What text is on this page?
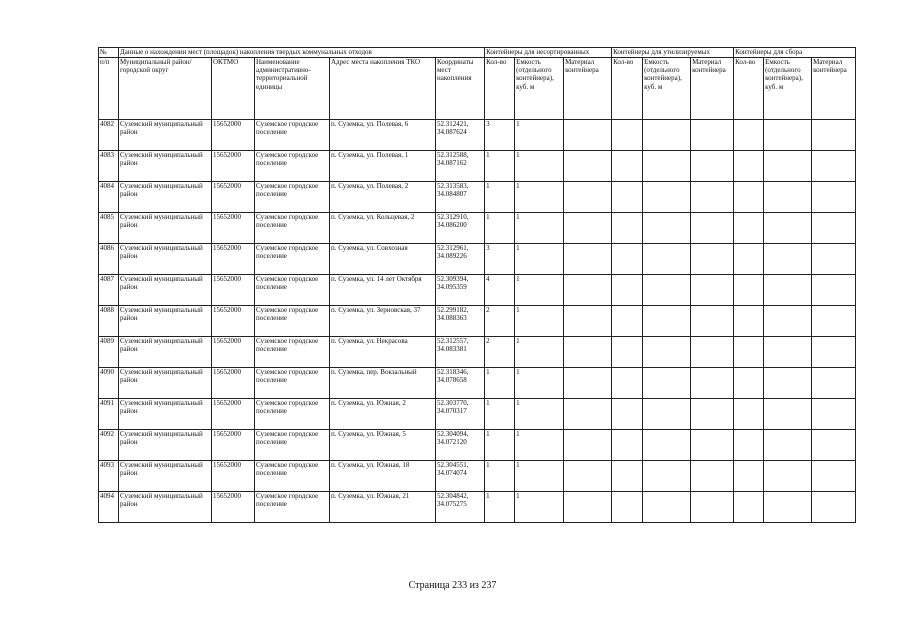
№	Данные о нахождении мест (площадок) накопления твердых коммунальных отходов					Контейнеры для несортированных			Контейнеры для утилизируемых			Контейнеры для сбора		
п/п	Муниципальный район/городской округ	ОКТМО	Наименование административно-территориальной единицы	Адрес места накопления ТКО	Координаты мест накопления	Кол-во	Емкость (отдельного контейнера), куб. м	Материал контейнера	Кол-во	Емкость (отдельного контейнера), куб. м	Материал контейнера	Кол-во	Емкость (отдельного контейнера), куб. м	Материал контейнера
4082	Суземский муниципальный район	15652000	Суземское городское поселение	п. Суземка, ул. Полевая, 6	52.312421, 34.087624	3	1							
4083	Суземский муниципальный район	15652000	Суземское городское поселение	п. Суземка, ул. Полевая, 1	52.312588, 34.087162	1	1							
4084	Суземский муниципальный район	15652000	Суземское городское поселение	п. Суземка, ул. Полевая, 2	52.313583, 34.084807	1	1							
4085	Суземский муниципальный район	15652000	Суземское городское поселение	п. Суземка, ул. Кольцевая, 2	52.312910, 34.086200	1	1							
4086	Суземский муниципальный район	15652000	Суземское городское поселение	п. Суземка, ул. Совхозная	52.312961, 34.089226	3	1							
4087	Суземский муниципальный район	15652000	Суземское городское поселение	п. Суземка, ул. 14 лет Октября	52.309394, 34.095359	4	1							
4088	Суземский муниципальный район	15652000	Суземское городское поселение	п. Суземка, ул. Зерновская, 37	52.299182, 34.088363	2	1							
4089	Суземский муниципальный район	15652000	Суземское городское поселение	п. Суземка, ул. Некрасова	52.312557, 34.083381	2	1							
4090	Суземский муниципальный район	15652000	Суземское городское поселение	п. Суземка, пер. Вокзальный	52.318346, 34.078658	1	1							
4091	Суземский муниципальный район	15652000	Суземское городское поселение	п. Суземка, ул. Южная, 2	52.303770, 34.070317	1	1							
4092	Суземский муниципальный район	15652000	Суземское городское поселение	п. Суземка, ул. Южная, 5	52.304094, 34.072120	1	1							
4093	Суземский муниципальный район	15652000	Суземское городское поселение	п. Суземка, ул. Южная, 18	52.304551, 34.074074	1	1							
4094	Суземский муниципальный район	15652000	Суземское городское поселение	п. Суземка, ул. Южная, 21	52.304842, 34.075275	1	1							
Страница 233 из 237
